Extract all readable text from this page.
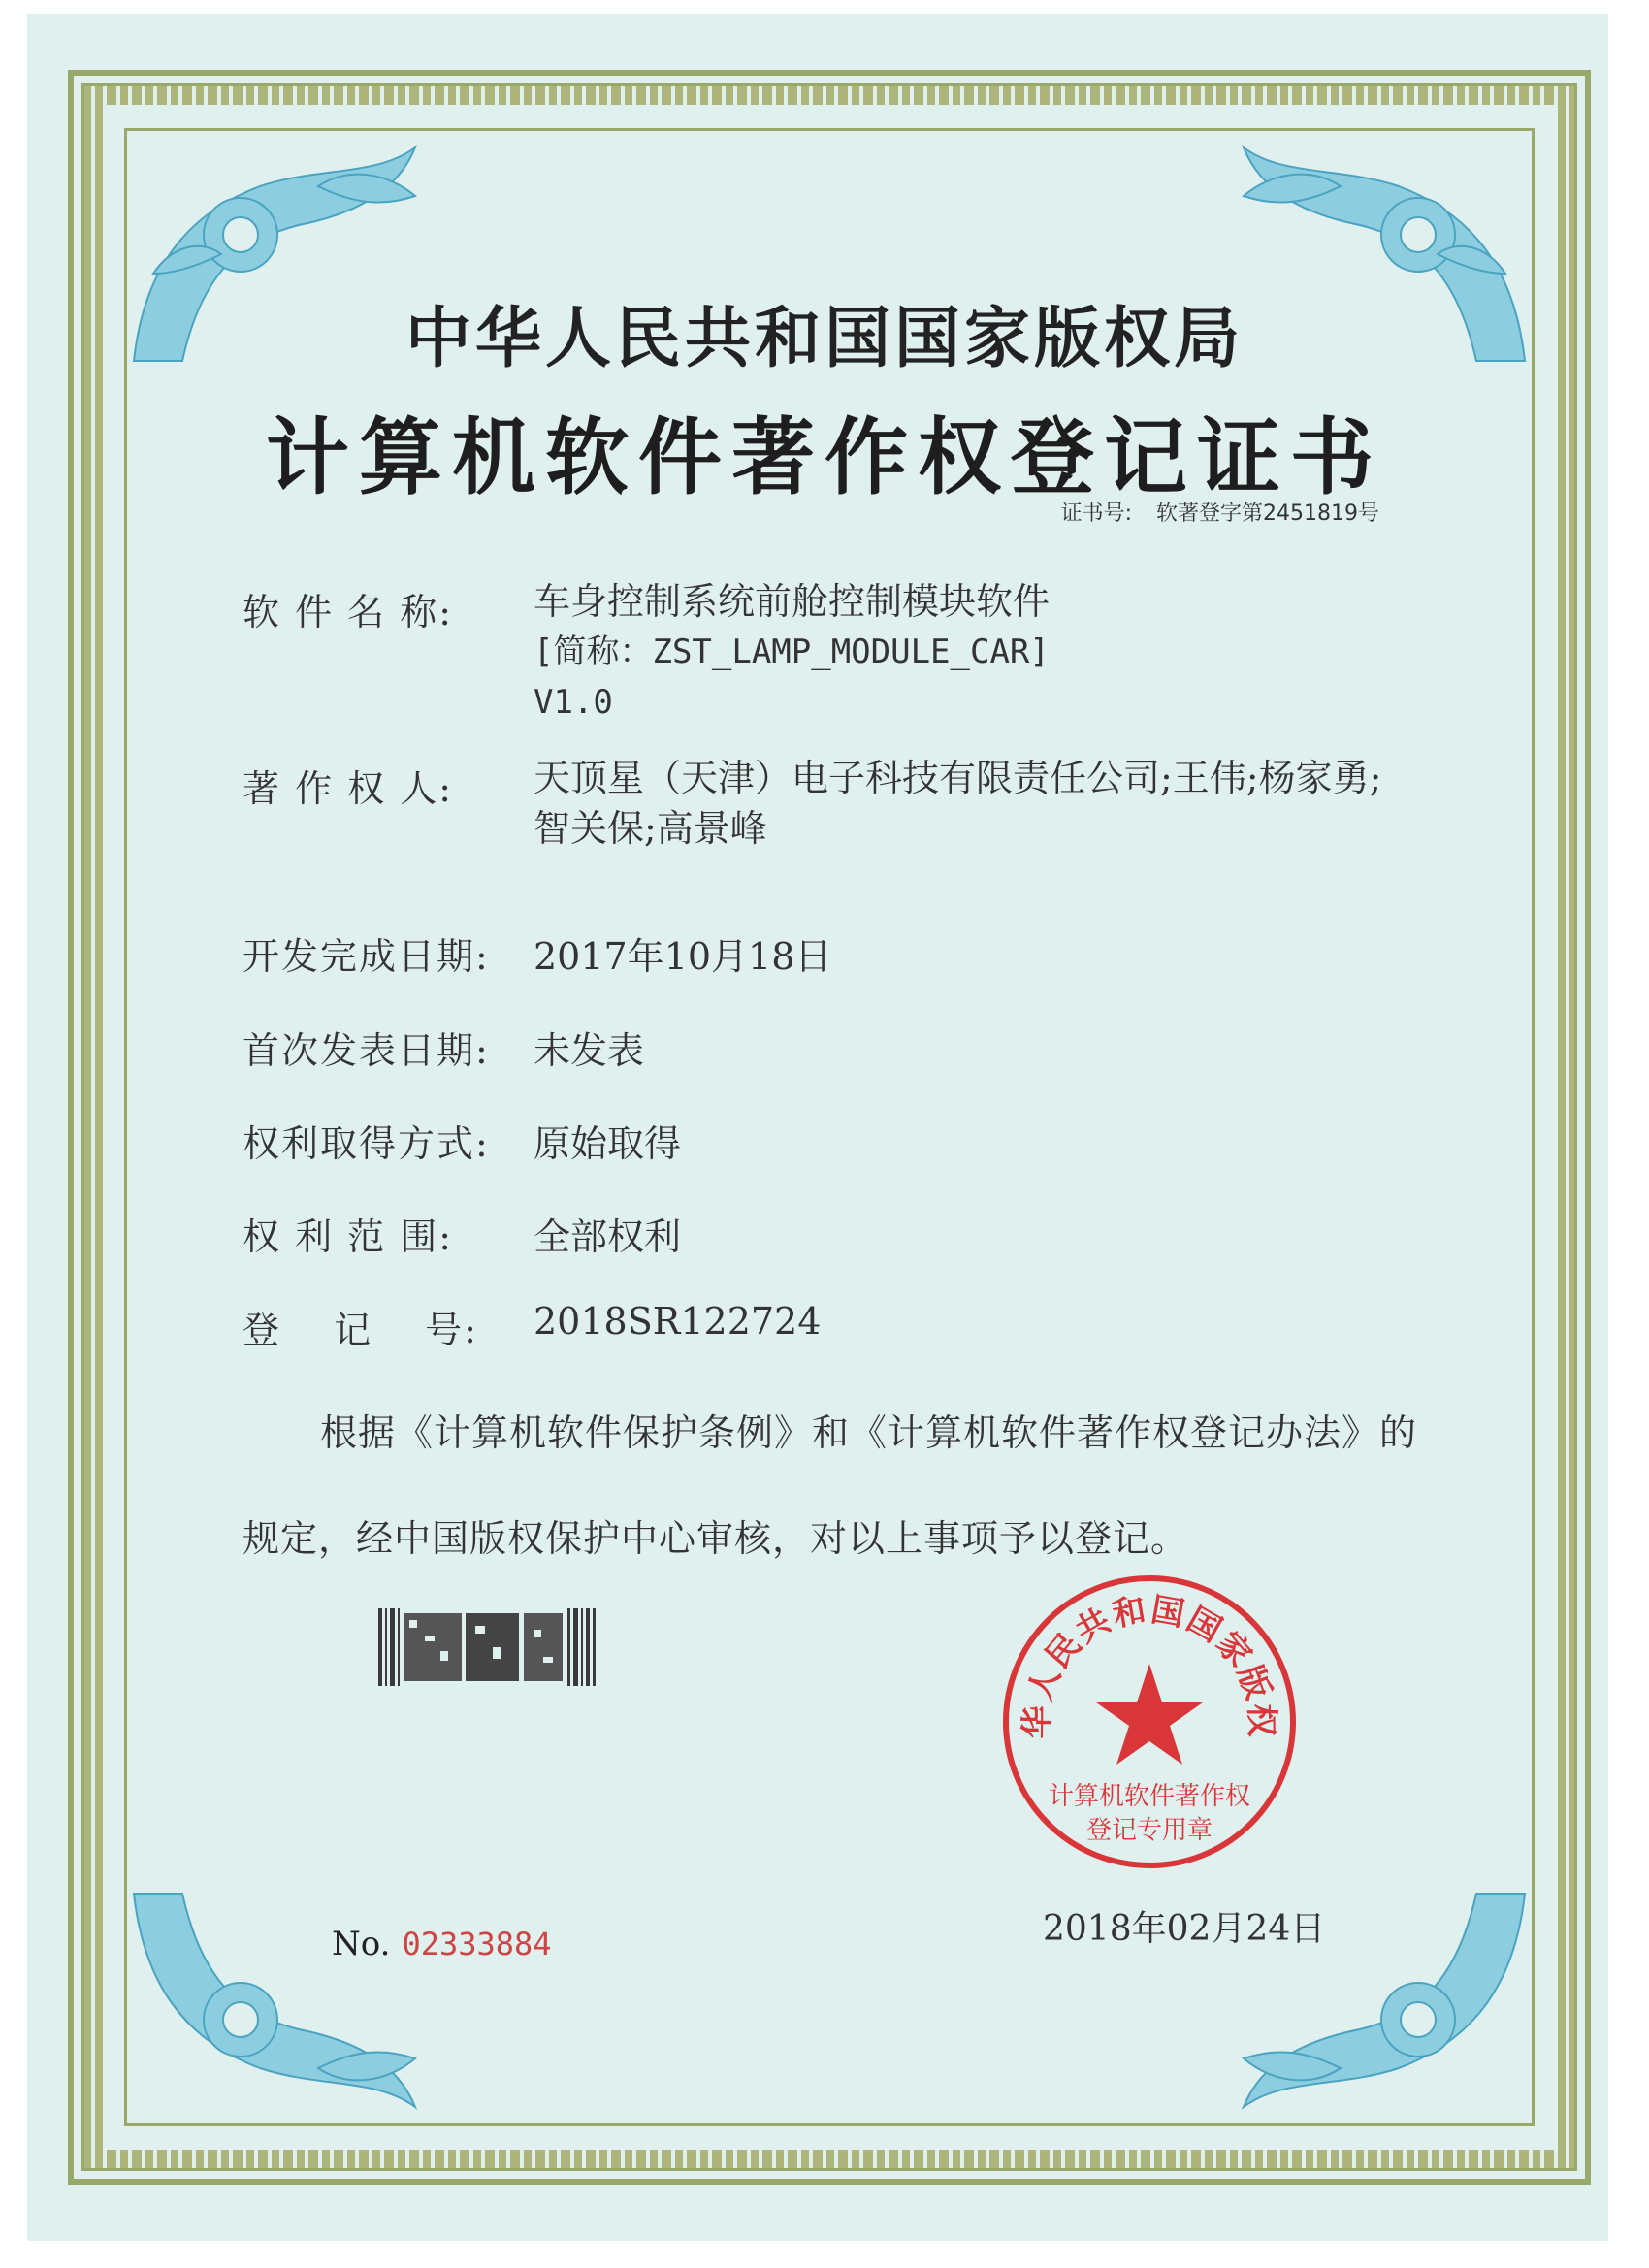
中华人民共和国国家版权局
计算机软件著作权登记证书
证书号: 软著登字第2451819号
软 件 名 称: 车身控制系统前舱控制模块软件
[简称：ZST_LAMP_MODULE_CAR]
V1.0
著 作 权 人: 天顶星（天津）电子科技有限责任公司;王伟;杨家勇;
智关保;高景峰
开发完成日期: 2017年10月18日
首次发表日期: 未发表
权利取得方式: 原始取得
权 利 范 围: 全部权利
登 记 号: 2018SR122724
根据《计算机软件保护条例》和《计算机软件著作权登记办法》的
规定，经中国版权保护中心审核，对以上事项予以登记。
No. 02333884
华人民共和国国家版权
计算机软件著作权
登记专用章
2018年02月24日
